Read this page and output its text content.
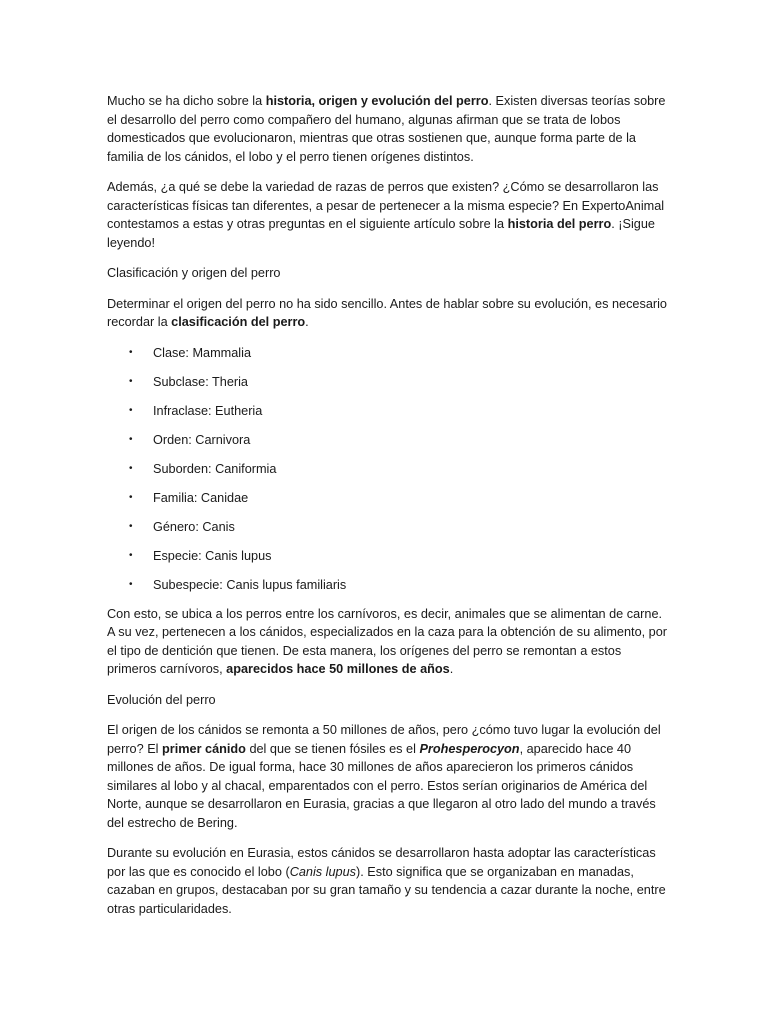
Mucho se ha dicho sobre la historia, origen y evolución del perro. Existen diversas teorías sobre el desarrollo del perro como compañero del humano, algunas afirman que se trata de lobos domesticados que evolucionaron, mientras que otras sostienen que, aunque forma parte de la familia de los cánidos, el lobo y el perro tienen orígenes distintos.

Además, ¿a qué se debe la variedad de razas de perros que existen? ¿Cómo se desarrollaron las características físicas tan diferentes, a pesar de pertenecer a la misma especie? En ExpertoAnimal contestamos a estas y otras preguntas en el siguiente artículo sobre la historia del perro. ¡Sigue leyendo!

Clasificación y origen del perro

Determinar el origen del perro no ha sido sencillo. Antes de hablar sobre su evolución, es necesario recordar la clasificación del perro.

• Clase: Mammalia
• Subclase: Theria
• Infraclase: Eutheria
• Orden: Carnivora
• Suborden: Caniformia
• Familia: Canidae
• Género: Canis
• Especie: Canis lupus
• Subespecie: Canis lupus familiaris

Con esto, se ubica a los perros entre los carnívoros, es decir, animales que se alimentan de carne. A su vez, pertenecen a los cánidos, especializados en la caza para la obtención de su alimento, por el tipo de dentición que tienen. De esta manera, los orígenes del perro se remontan a estos primeros carnívoros, aparecidos hace 50 millones de años.

Evolución del perro

El origen de los cánidos se remonta a 50 millones de años, pero ¿cómo tuvo lugar la evolución del perro? El primer cánido del que se tienen fósiles es el Prohesperocyon, aparecido hace 40 millones de años. De igual forma, hace 30 millones de años aparecieron los primeros cánidos similares al lobo y al chacal, emparentados con el perro. Estos serían originarios de América del Norte, aunque se desarrollaron en Eurasia, gracias a que llegaron al otro lado del mundo a través del estrecho de Bering.

Durante su evolución en Eurasia, estos cánidos se desarrollaron hasta adoptar las características por las que es conocido el lobo (Canis lupus). Esto significa que se organizaban en manadas, cazaban en grupos, destacaban por su gran tamaño y su tendencia a cazar durante la noche, entre otras particularidades.
